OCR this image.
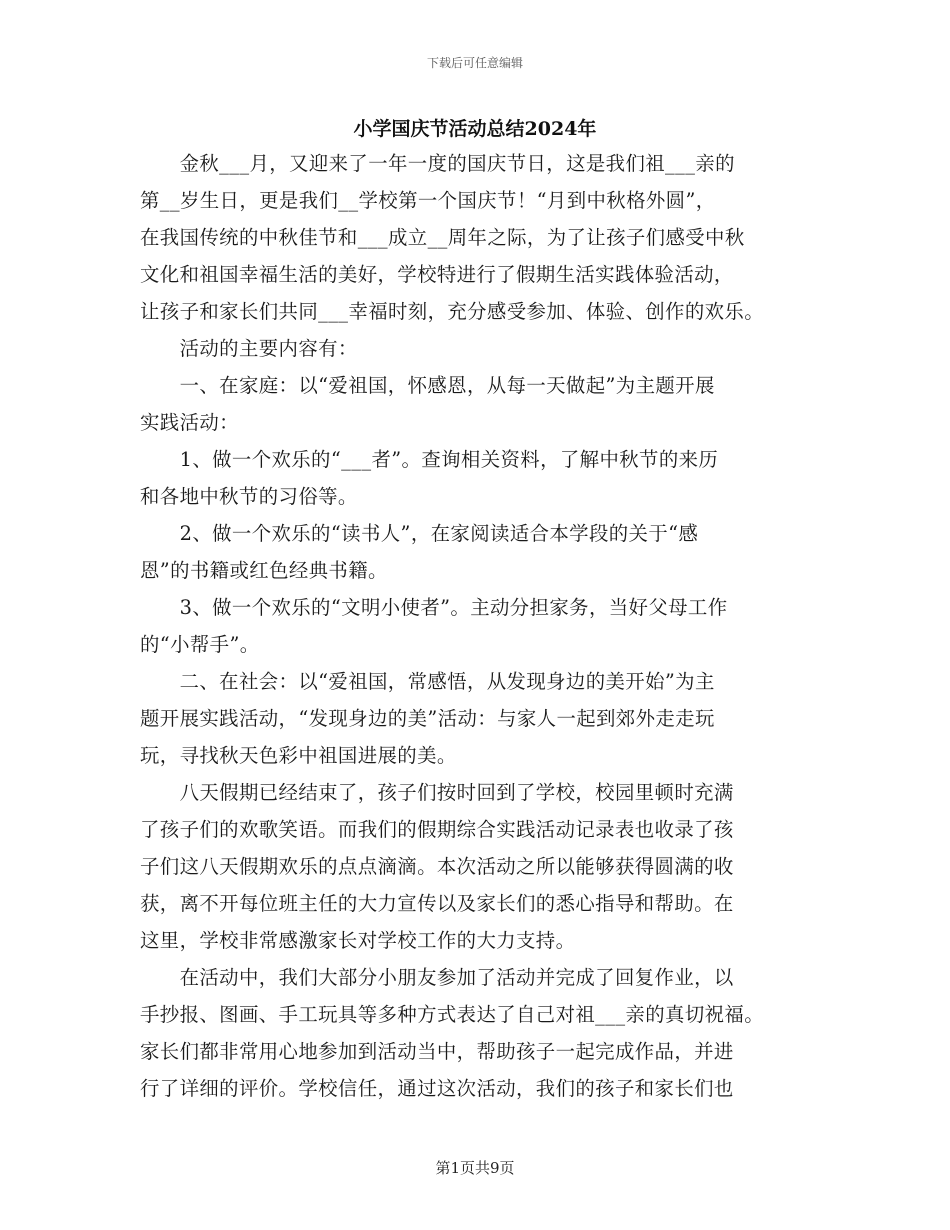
下载后可任意编辑
小学国庆节活动总结2024年
　　金秋___月，又迎来了一年一度的国庆节日，这是我们祖___亲的
第__岁生日，更是我们__学校第一个国庆节！“月到中秋格外圆”，
在我国传统的中秋佳节和___成立__周年之际，为了让孩子们感受中秋
文化和祖国幸福生活的美好，学校特进行了假期生活实践体验活动，
让孩子和家长们共同___幸福时刻，充分感受参加、体验、创作的欢乐。
　　活动的主要内容有：
　　一、在家庭：以“爱祖国，怀感恩，从每一天做起”为主题开展
实践活动：
　　1、做一个欢乐的“___者”。查询相关资料，了解中秋节的来历
和各地中秋节的习俗等。
　　2、做一个欢乐的“读书人”，在家阅读适合本学段的关于“感
恩”的书籍或红色经典书籍。
　　3、做一个欢乐的“文明小使者”。主动分担家务，当好父母工作
的“小帮手”。
　　二、在社会：以“爱祖国，常感悟，从发现身边的美开始”为主
题开展实践活动，“发现身边的美”活动：与家人一起到郊外走走玩
玩，寻找秋天色彩中祖国进展的美。
　　八天假期已经结束了，孩子们按时回到了学校，校园里顿时充满
了孩子们的欢歌笑语。而我们的假期综合实践活动记录表也收录了孩
子们这八天假期欢乐的点点滴滴。本次活动之所以能够获得圆满的收
获，离不开每位班主任的大力宣传以及家长们的悉心指导和帮助。在
这里，学校非常感激家长对学校工作的大力支持。
　　在活动中，我们大部分小朋友参加了活动并完成了回复作业，以
手抄报、图画、手工玩具等多种方式表达了自己对祖___亲的真切祝福。
家长们都非常用心地参加到活动当中，帮助孩子一起完成作品，并进
行了详细的评价。学校信任，通过这次活动，我们的孩子和家长们也
第1页共9页
